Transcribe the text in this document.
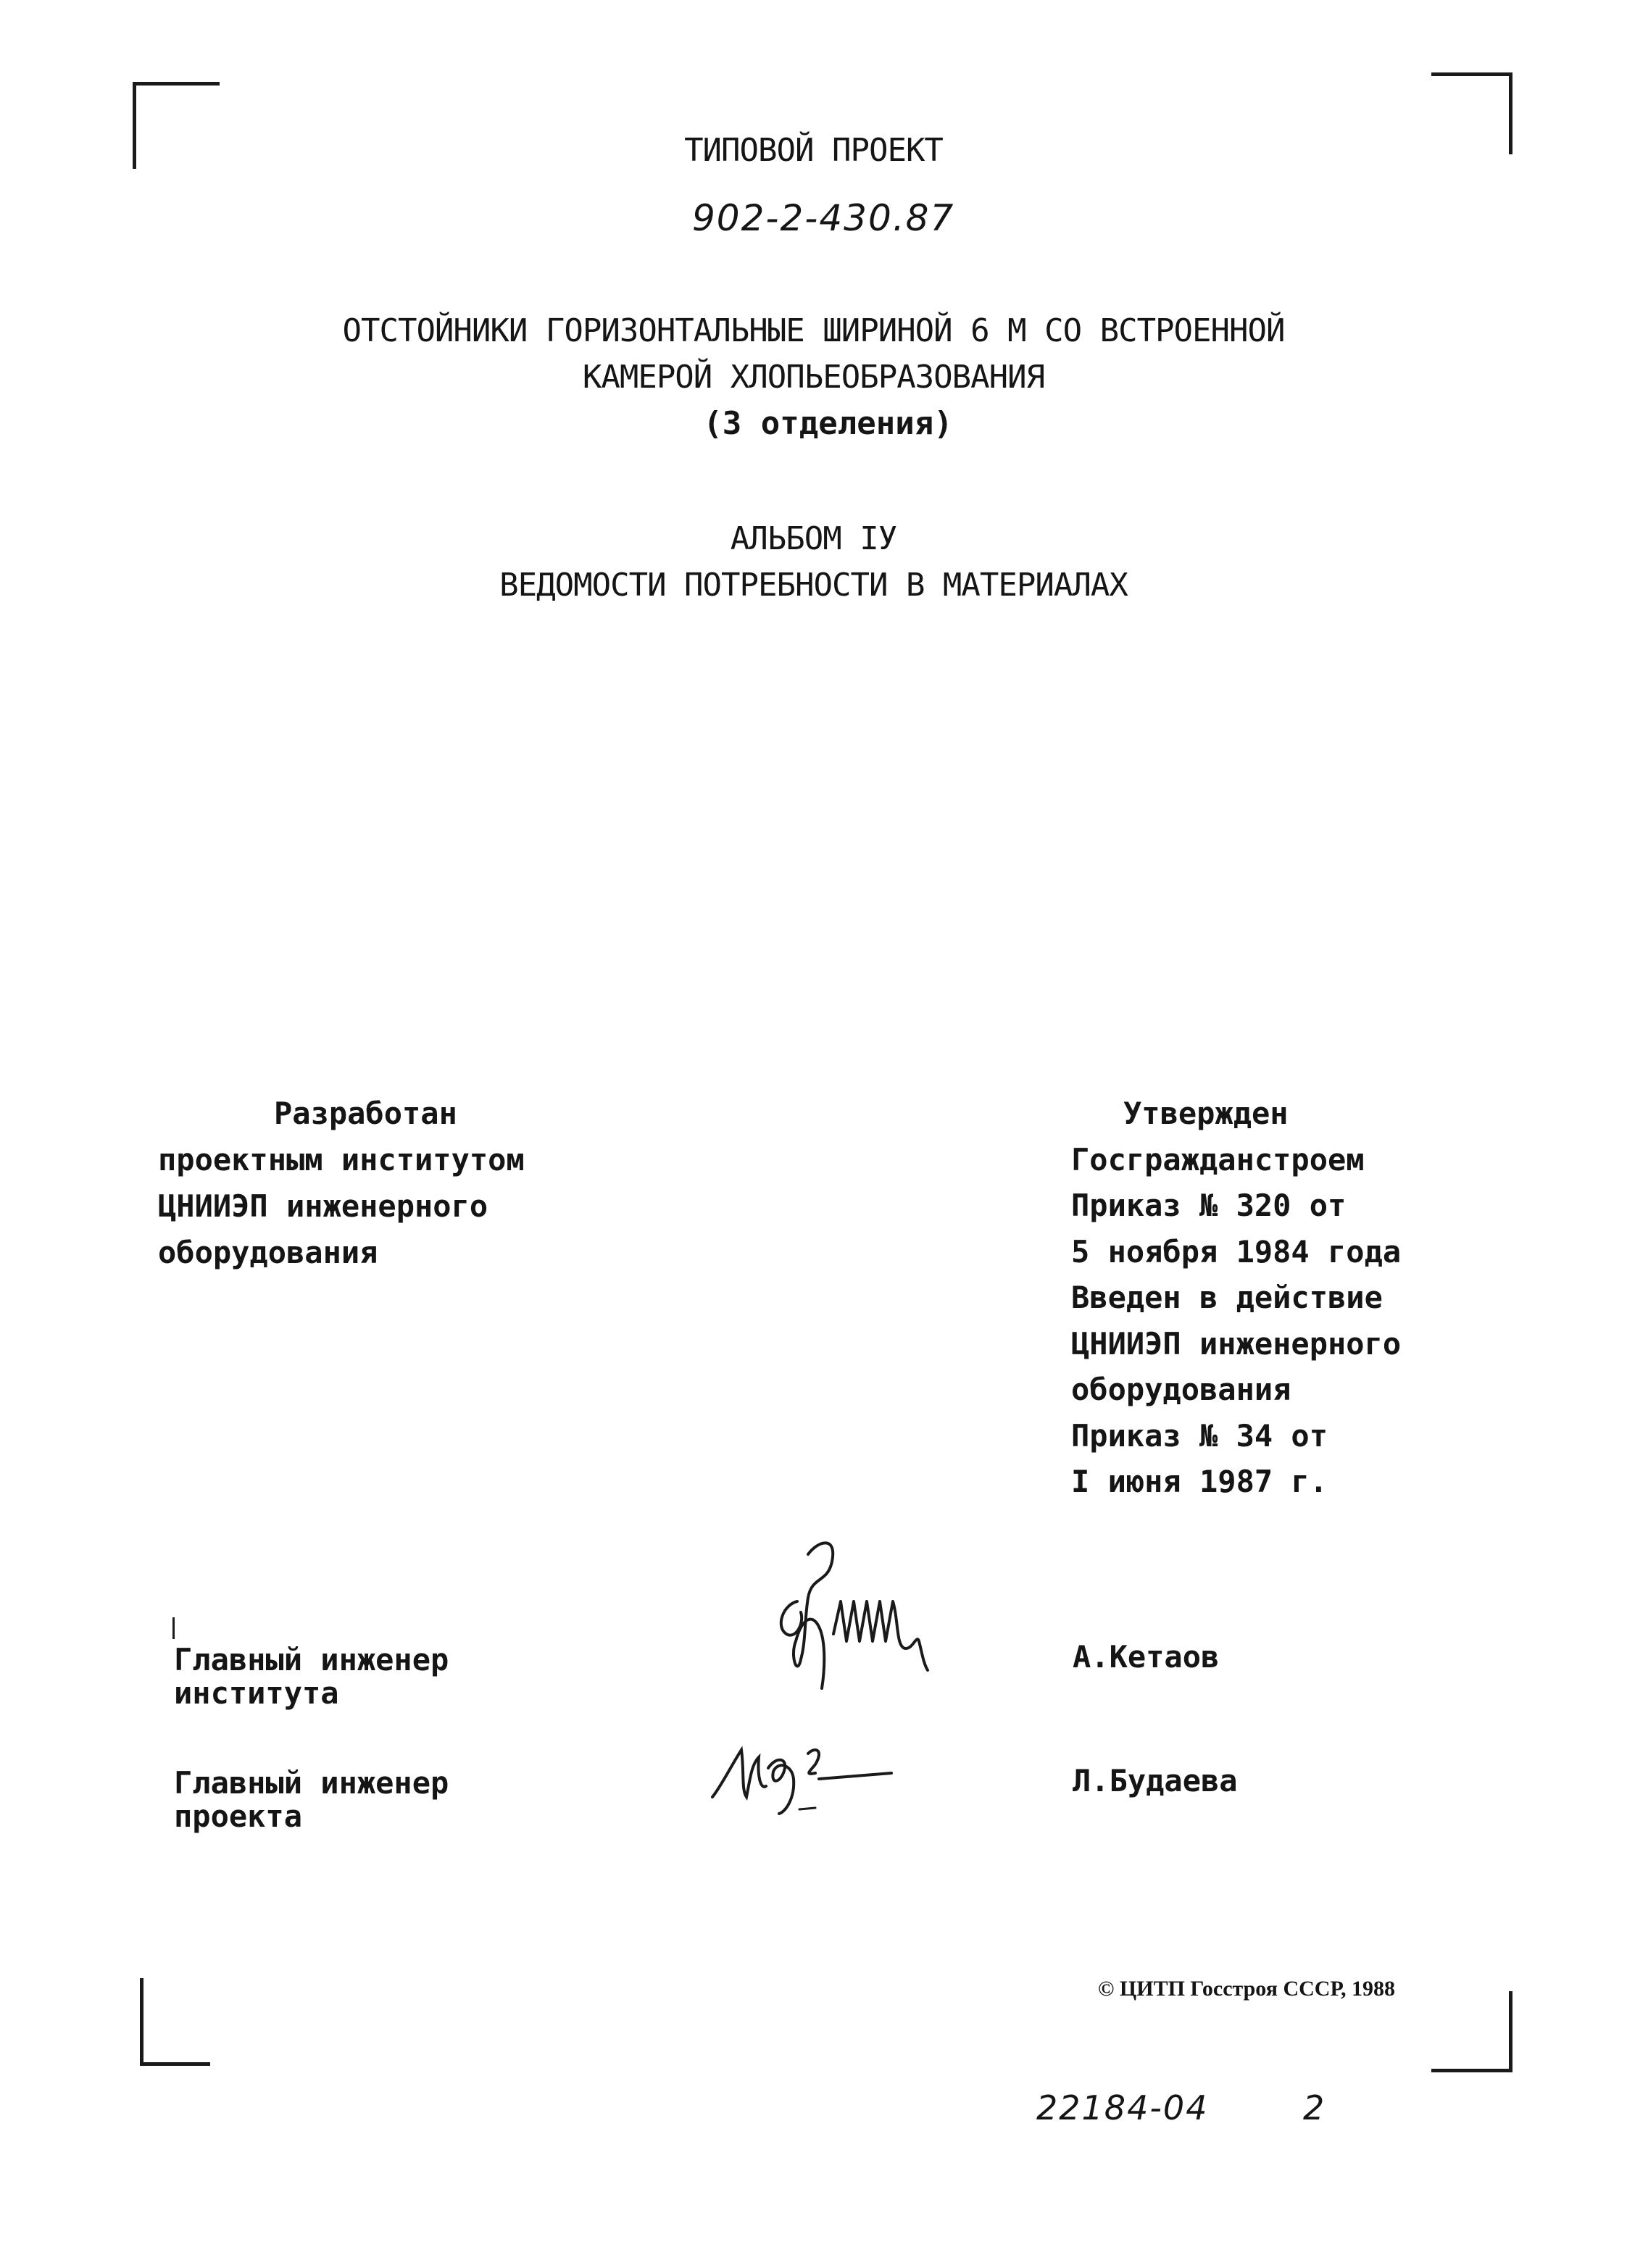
ТИПОВОЙ ПРОЕКТ
902-2-430.87
ОТСТОЙНИКИ ГОРИЗОНТАЛЬНЫЕ ШИРИНОЙ 6 М СО ВСТРОЕННОЙ
КАМЕРОЙ ХЛОПЬЕОБРАЗОВАНИЯ
(3 отделения)
АЛЬБОМ IУ
ВЕДОМОСТИ ПОТРЕБНОСТИ В МАТЕРИАЛАХ
Разработан
проектным институтом
ЦНИИЭП инженерного
оборудования
Утвержден
Госгражданстроем
Приказ № 320 от
5 ноября 1984 года
Введен в действие
ЦНИИЭП инженерного
оборудования
Приказ № 34 от
I июня 1987 г.
Главный инженер
института
А.Кетаов
Главный инженер
проекта
Л.Будаева
© ЦИТП Госстроя СССР, 1988
22184-04	2
